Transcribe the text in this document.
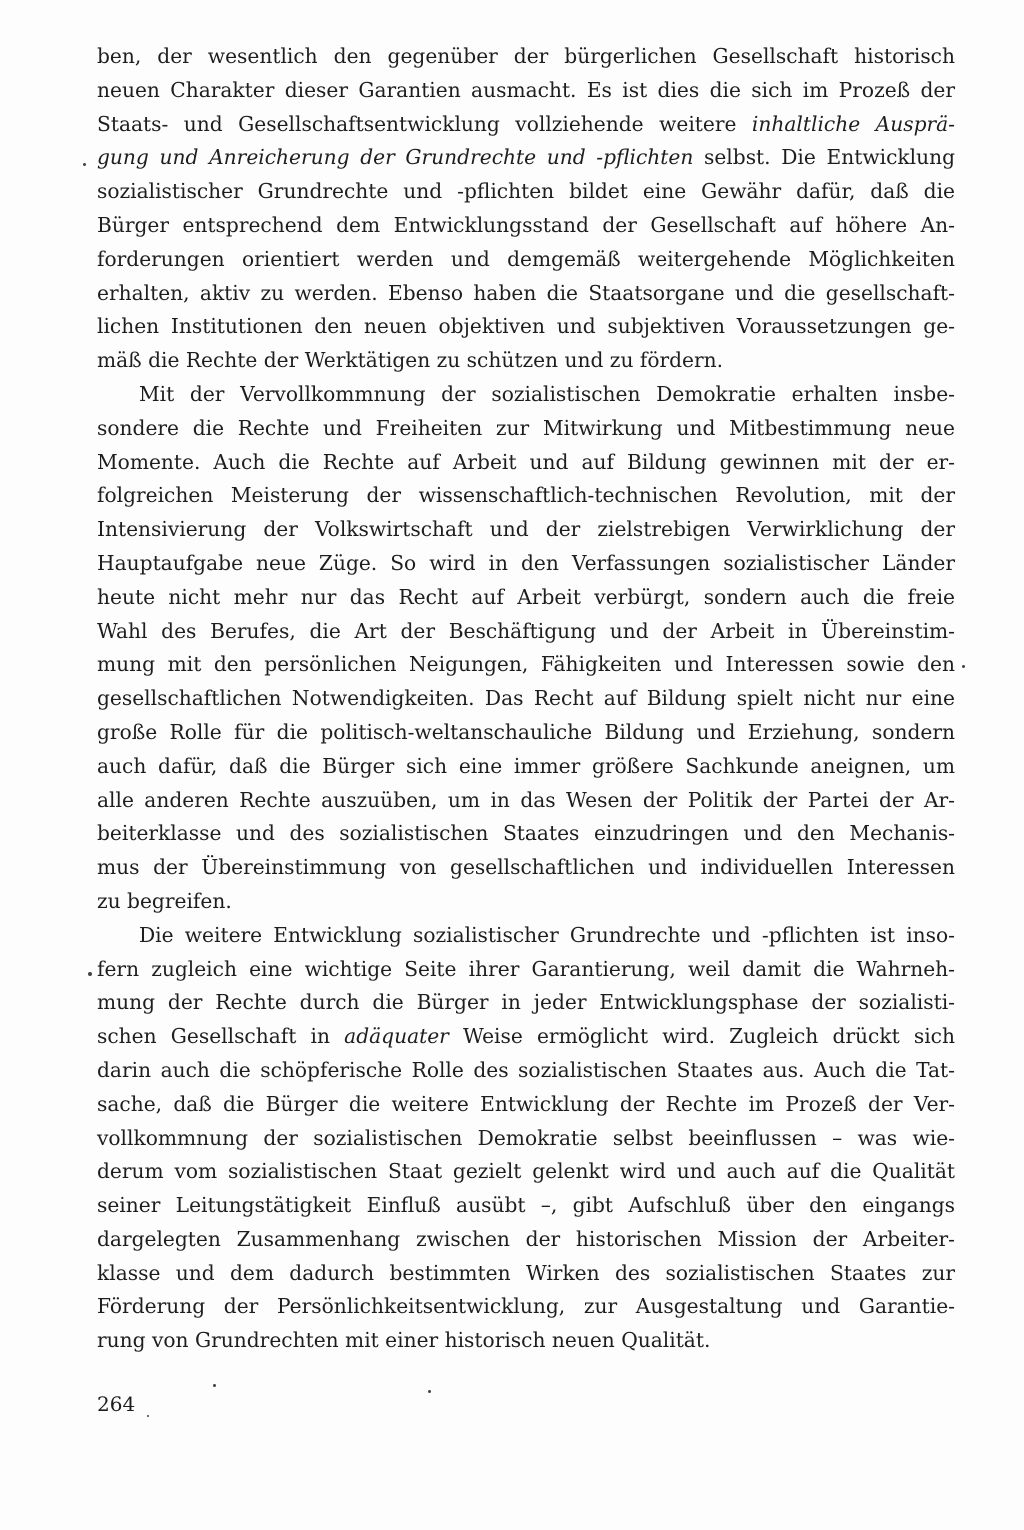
ben, der wesentlich den gegenüber der bürgerlichen Gesellschaft historisch
neuen Charakter dieser Garantien ausmacht. Es ist dies die sich im Prozeß der
Staats- und Gesellschaftsentwicklung vollziehende weitere inhaltliche Ausprä-
gung und Anreicherung der Grundrechte und -pflichten selbst. Die Entwicklung
sozialistischer Grundrechte und -pflichten bildet eine Gewähr dafür, daß die
Bürger entsprechend dem Entwicklungsstand der Gesellschaft auf höhere An-
forderungen orientiert werden und demgemäß weitergehende Möglichkeiten
erhalten, aktiv zu werden. Ebenso haben die Staatsorgane und die gesellschaft-
lichen Institutionen den neuen objektiven und subjektiven Voraussetzungen ge-
mäß die Rechte der Werktätigen zu schützen und zu fördern.
Mit der Vervollkommnung der sozialistischen Demokratie erhalten insbe-
sondere die Rechte und Freiheiten zur Mitwirkung und Mitbestimmung neue
Momente. Auch die Rechte auf Arbeit und auf Bildung gewinnen mit der er-
folgreichen Meisterung der wissenschaftlich-technischen Revolution, mit der
Intensivierung der Volkswirtschaft und der zielstrebigen Verwirklichung der
Hauptaufgabe neue Züge. So wird in den Verfassungen sozialistischer Länder
heute nicht mehr nur das Recht auf Arbeit verbürgt, sondern auch die freie
Wahl des Berufes, die Art der Beschäftigung und der Arbeit in Übereinstim-
mung mit den persönlichen Neigungen, Fähigkeiten und Interessen sowie den
gesellschaftlichen Notwendigkeiten. Das Recht auf Bildung spielt nicht nur eine
große Rolle für die politisch-weltanschauliche Bildung und Erziehung, sondern
auch dafür, daß die Bürger sich eine immer größere Sachkunde aneignen, um
alle anderen Rechte auszuüben, um in das Wesen der Politik der Partei der Ar-
beiterklasse und des sozialistischen Staates einzudringen und den Mechanis-
mus der Übereinstimmung von gesellschaftlichen und individuellen Interessen
zu begreifen.
Die weitere Entwicklung sozialistischer Grundrechte und -pflichten ist inso-
fern zugleich eine wichtige Seite ihrer Garantierung, weil damit die Wahrneh-
mung der Rechte durch die Bürger in jeder Entwicklungsphase der sozialisti-
schen Gesellschaft in adäquater Weise ermöglicht wird. Zugleich drückt sich
darin auch die schöpferische Rolle des sozialistischen Staates aus. Auch die Tat-
sache, daß die Bürger die weitere Entwicklung der Rechte im Prozeß der Ver-
vollkommnung der sozialistischen Demokratie selbst beeinflussen – was wie-
derum vom sozialistischen Staat gezielt gelenkt wird und auch auf die Qualität
seiner Leitungstätigkeit Einfluß ausübt –, gibt Aufschluß über den eingangs
dargelegten Zusammenhang zwischen der historischen Mission der Arbeiter-
klasse und dem dadurch bestimmten Wirken des sozialistischen Staates zur
Förderung der Persönlichkeitsentwicklung, zur Ausgestaltung und Garantie-
rung von Grundrechten mit einer historisch neuen Qualität.
264
